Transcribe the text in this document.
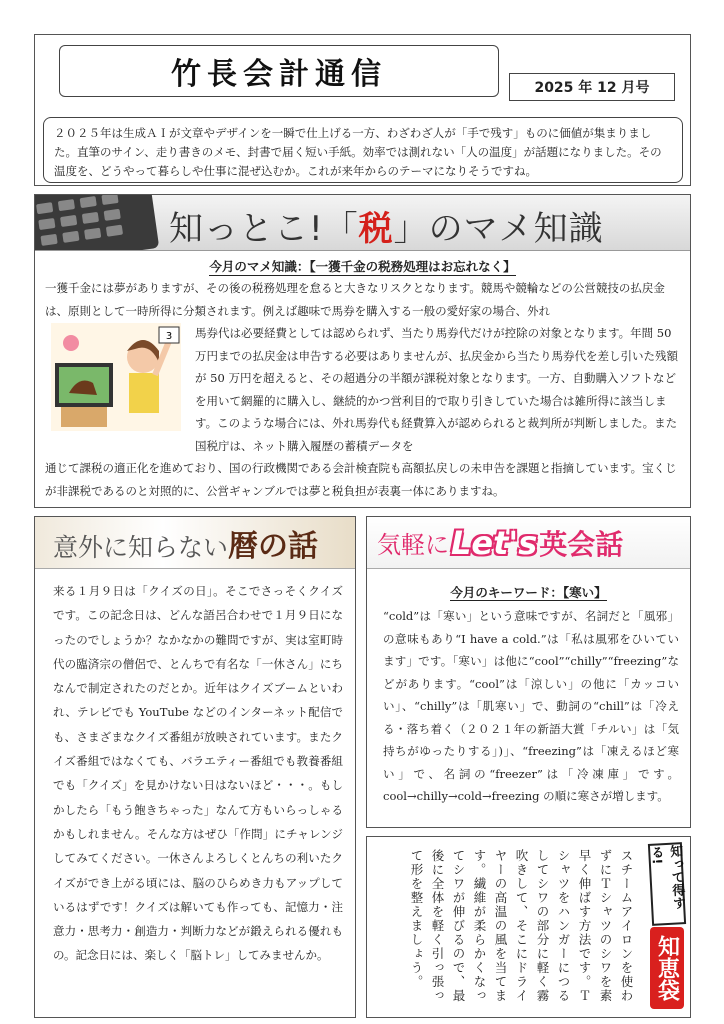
竹長会計通信	2025 年 12 月号
２０２５年は生成ＡＩが文章やデザインを一瞬で仕上げる一方、わざわざ人が「手で残す」ものに価値が集まりました。直筆のサイン、走り書きのメモ、封書で届く短い手紙。効率では測れない「人の温度」が話題になりました。その温度を、どうやって暮らしや仕事に混ぜ込むか。これが来年からのテーマになりそうですね。
知っとこ!「税」のマメ知識
今月のマメ知識：【一獲千金の税務処理はお忘れなく】
一獲千金には夢がありますが、その後の税務処理を怠ると大きなリスクとなります。競馬や競輪などの公営競技の払戻金は、原則として一時所得に分類されます。例えば趣味で馬券を購入する一般の愛好家の場合、外れ
3 馬券代は必要経費としては認められず、当たり馬券代だけが控除の対象となります。年間 50 万円までの払戻金は申告する必要はありませんが、払戻金から当たり馬券代を差し引いた残額が 50 万円を超えると、その超過分の半額が課税対象となります。一方、自動購入ソフトなどを用いて網羅的に購入し、継続的かつ営利目的で取り引きしていた場合は雑所得に該当します。このような場合には、外れ馬券代も経費算入が認められると裁判所が判断しました。また国税庁は、ネット購入履歴の蓄積データを
通じて課税の適正化を進めており、国の行政機関である会計検査院も高額払戻しの未申告を課題と指摘しています。宝くじが非課税であるのと対照的に、公営ギャンブルでは夢と税負担が表裏一体にありますね。
意外に知らない暦の話
来る１月９日は「クイズの日」。そこでさっそくクイズです。この記念日は、どんな語呂合わせで１月９日になったのでしょうか？なかなかの難問ですが、実は室町時代の臨済宗の僧侶で、とんちで有名な「一休さん」にちなんで制定されたのだとか。近年はクイズブームといわれ、テレビでも YouTube などのインターネット配信でも、さまざまなクイズ番組が放映されています。またクイズ番組ではなくても、バラエティー番組でも教養番組でも「クイズ」を見かけない日はないほど・・・。もしかしたら「もう飽きちゃった」なんて方もいらっしゃるかもしれません。そんな方はぜひ「作問」にチャレンジしてみてください。一休さんよろしくとんちの利いたクイズができ上がる頃には、脳のひらめき力もアップしているはずです！クイズは解いても作っても、記憶力・注意力・思考力・創造力・判断力などが鍛えられる優れもの。記念日には、楽しく「脳トレ」してみませんか。
気軽に Let's 英会話
今月のキーワード：【寒い】
“cold”は「寒い」という意味ですが、名詞だと「風邪」の意味もあり“I have a cold.”は「私は風邪をひいています」です。「寒い」は他に“cool”“chilly”“freezing”などがあります。“cool”は「涼しい」の他に「カッコいい」、“chilly”は「肌寒い」で、動詞の“chill”は「冷える・落ち着く（２０２１年の新語大賞「チルい」は「気持ちがゆったりする」)」、“freezing”は「凍えるほど寒い」で、名詞の“freezer”は「冷凍庫」です。cool→chilly→cold→freezing の順に寒さが増します。
スチームアイロンを使わずにＴシャツのシワを素早く伸ばす方法です。Ｔシャツをハンガーにつるしてシワの部分に軽く霧吹きして、そこにドライヤーの高温の風を当てます。繊維が柔らかくなってシワが伸びるので、最後に全体を軽く引っ張って形を整えましょう。	知って得する!
知恵袋
